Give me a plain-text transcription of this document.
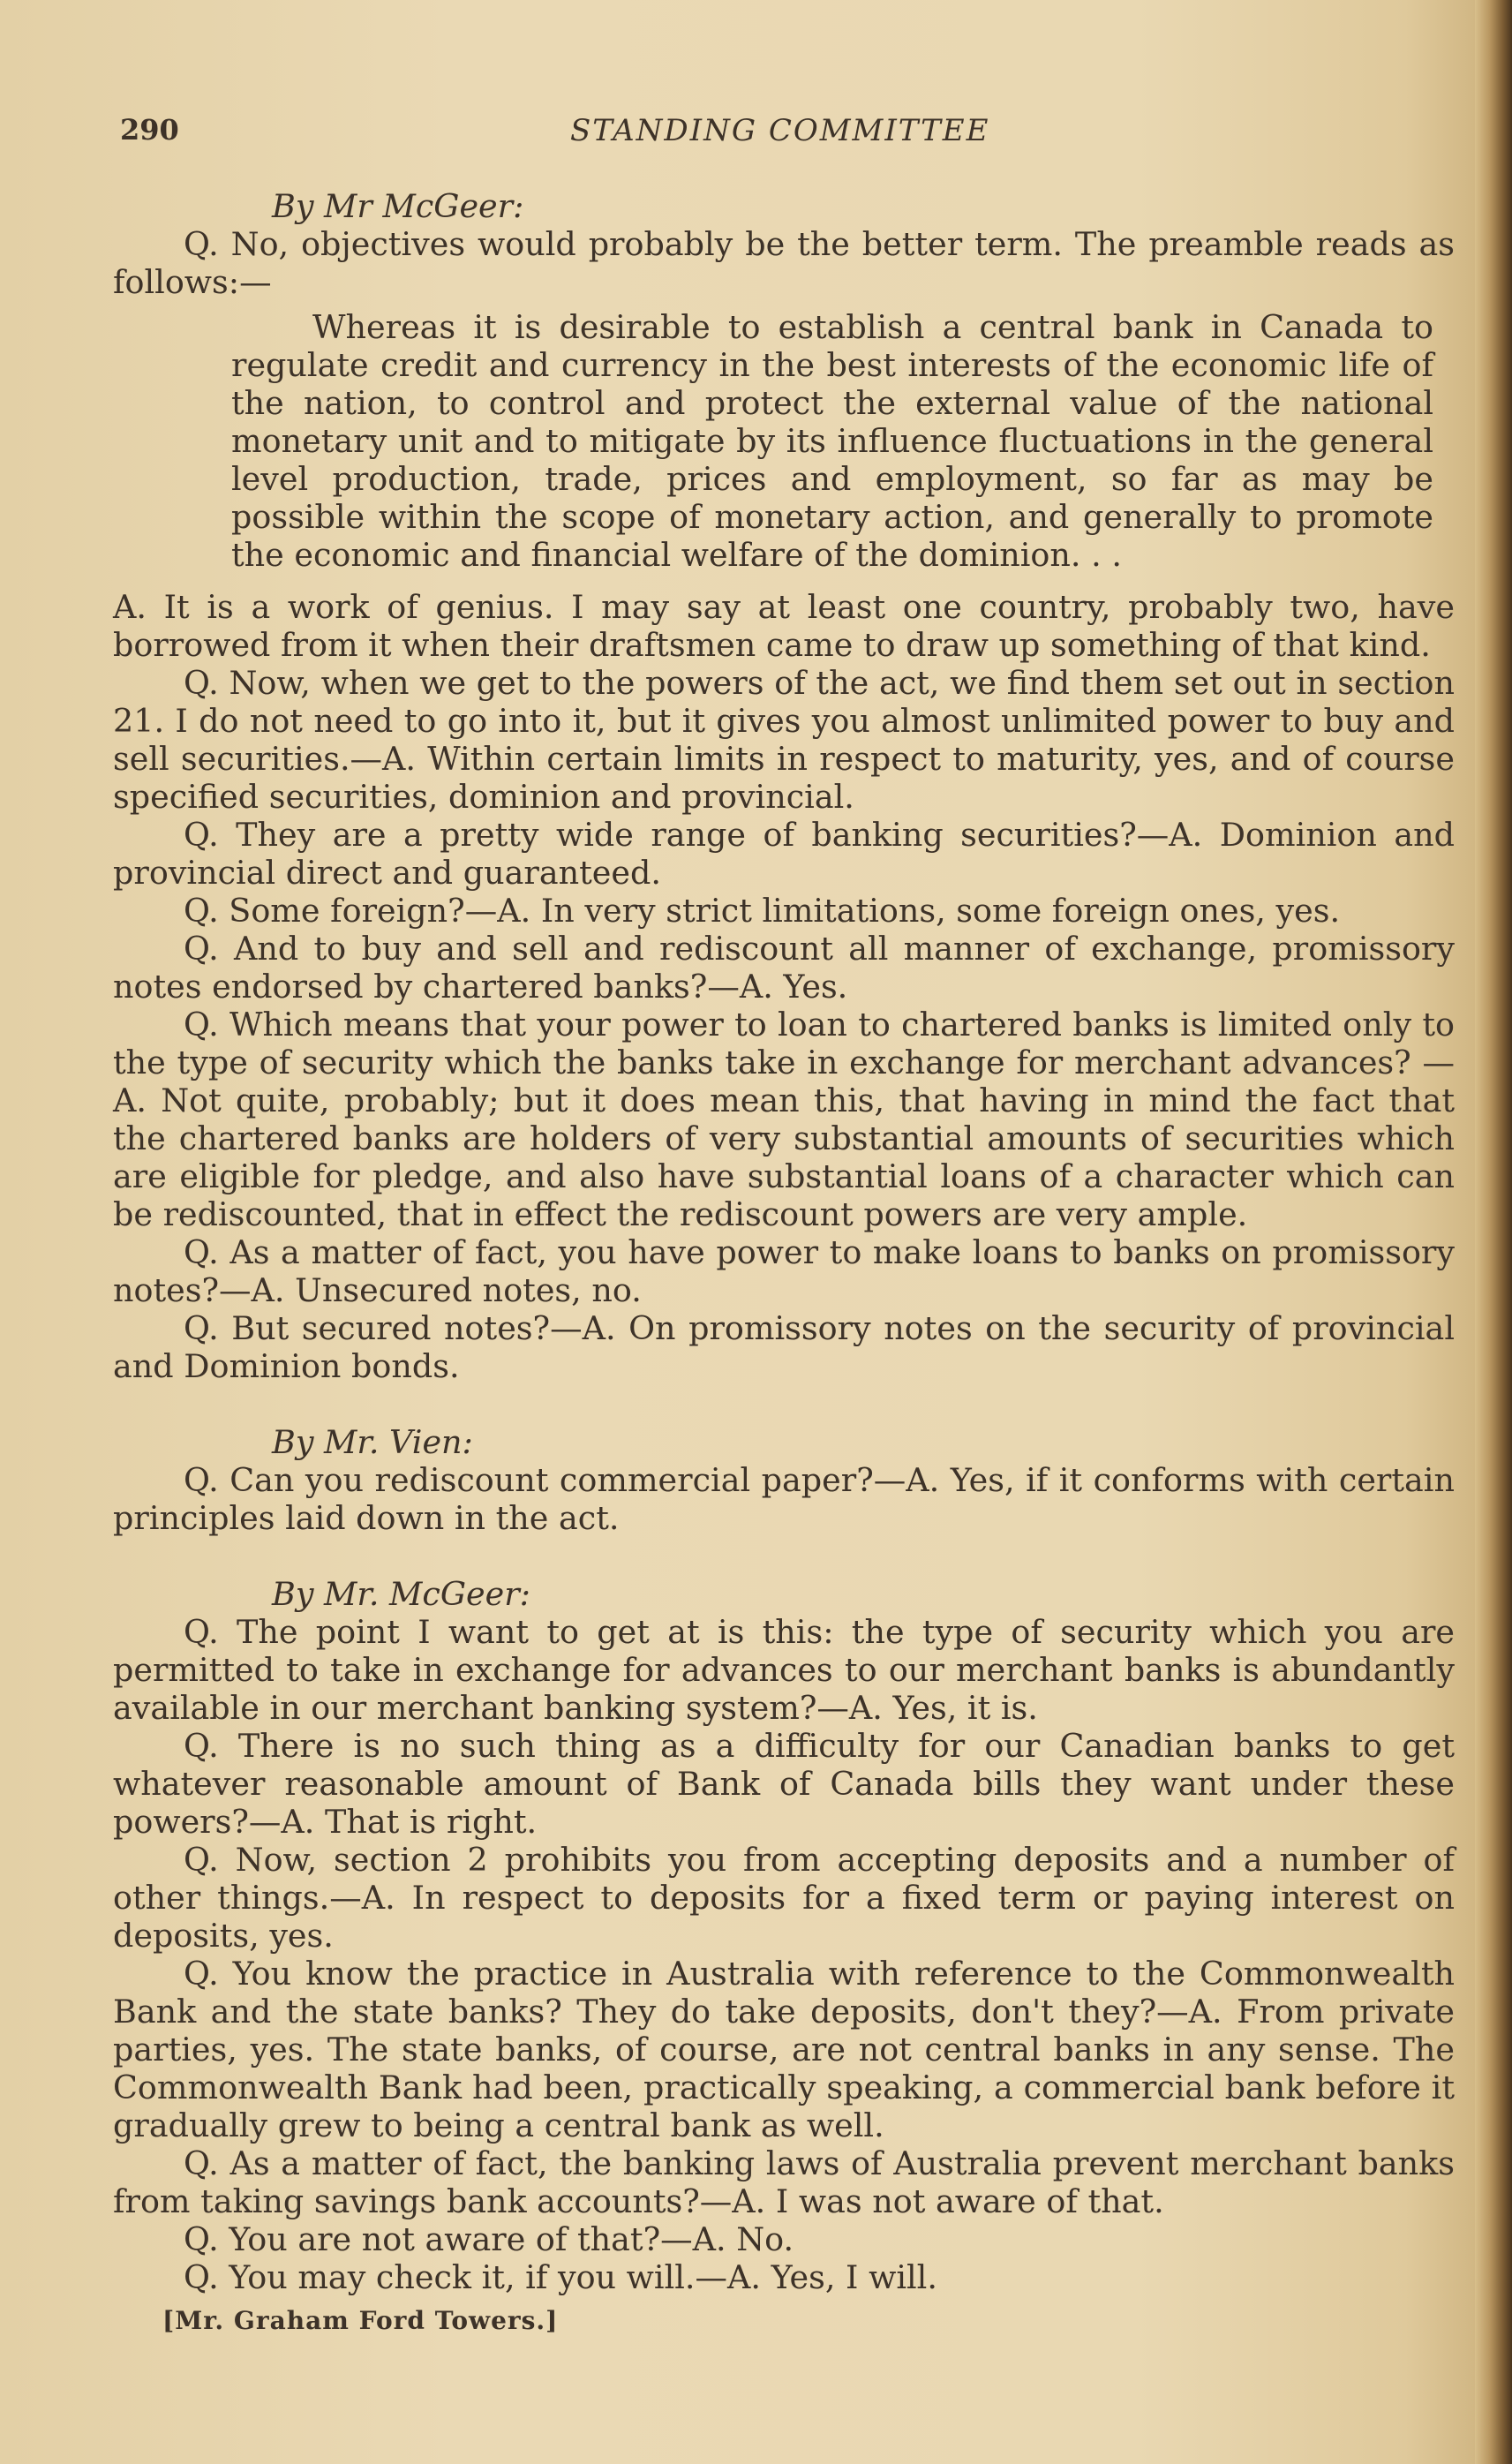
290	STANDING COMMITTEE

By Mr McGeer:

Q. No, objectives would probably be the better term. The preamble reads as follows:—

Whereas it is desirable to establish a central bank in Canada to regulate credit and currency in the best interests of the economic life of the nation, to control and protect the external value of the national monetary unit and to mitigate by its influence fluctuations in the general level production, trade, prices and employment, so far as may be possible within the scope of monetary action, and generally to promote the economic and financial welfare of the dominion. . .

A. It is a work of genius. I may say at least one country, probably two, have borrowed from it when their draftsmen came to draw up something of that kind.

Q. Now, when we get to the powers of the act, we find them set out in section 21. I do not need to go into it, but it gives you almost unlimited power to buy and sell securities.—A. Within certain limits in respect to maturity, yes, and of course specified securities, dominion and provincial.

Q. They are a pretty wide range of banking securities?—A. Dominion and provincial direct and guaranteed.

Q. Some foreign?—A. In very strict limitations, some foreign ones, yes.

Q. And to buy and sell and rediscount all manner of exchange, promissory notes endorsed by chartered banks?—A. Yes.

Q. Which means that your power to loan to chartered banks is limited only to the type of security which the banks take in exchange for merchant advances? —A. Not quite, probably; but it does mean this, that having in mind the fact that the chartered banks are holders of very substantial amounts of securities which are eligible for pledge, and also have substantial loans of a character which can be rediscounted, that in effect the rediscount powers are very ample.

Q. As a matter of fact, you have power to make loans to banks on promissory notes?—A. Unsecured notes, no.

Q. But secured notes?—A. On promissory notes on the security of provincial and Dominion bonds.

By Mr. Vien:

Q. Can you rediscount commercial paper?—A. Yes, if it conforms with certain principles laid down in the act.

By Mr. McGeer:

Q. The point I want to get at is this: the type of security which you are permitted to take in exchange for advances to our merchant banks is abundantly available in our merchant banking system?—A. Yes, it is.

Q. There is no such thing as a difficulty for our Canadian banks to get whatever reasonable amount of Bank of Canada bills they want under these powers?—A. That is right.

Q. Now, section 2 prohibits you from accepting deposits and a number of other things.—A. In respect to deposits for a fixed term or paying interest on deposits, yes.

Q. You know the practice in Australia with reference to the Commonwealth Bank and the state banks? They do take deposits, don't they?—A. From private parties, yes. The state banks, of course, are not central banks in any sense. The Commonwealth Bank had been, practically speaking, a commercial bank before it gradually grew to being a central bank as well.

Q. As a matter of fact, the banking laws of Australia prevent merchant banks from taking savings bank accounts?—A. I was not aware of that.

Q. You are not aware of that?—A. No.

Q. You may check it, if you will.—A. Yes, I will.

[Mr. Graham Ford Towers.]
